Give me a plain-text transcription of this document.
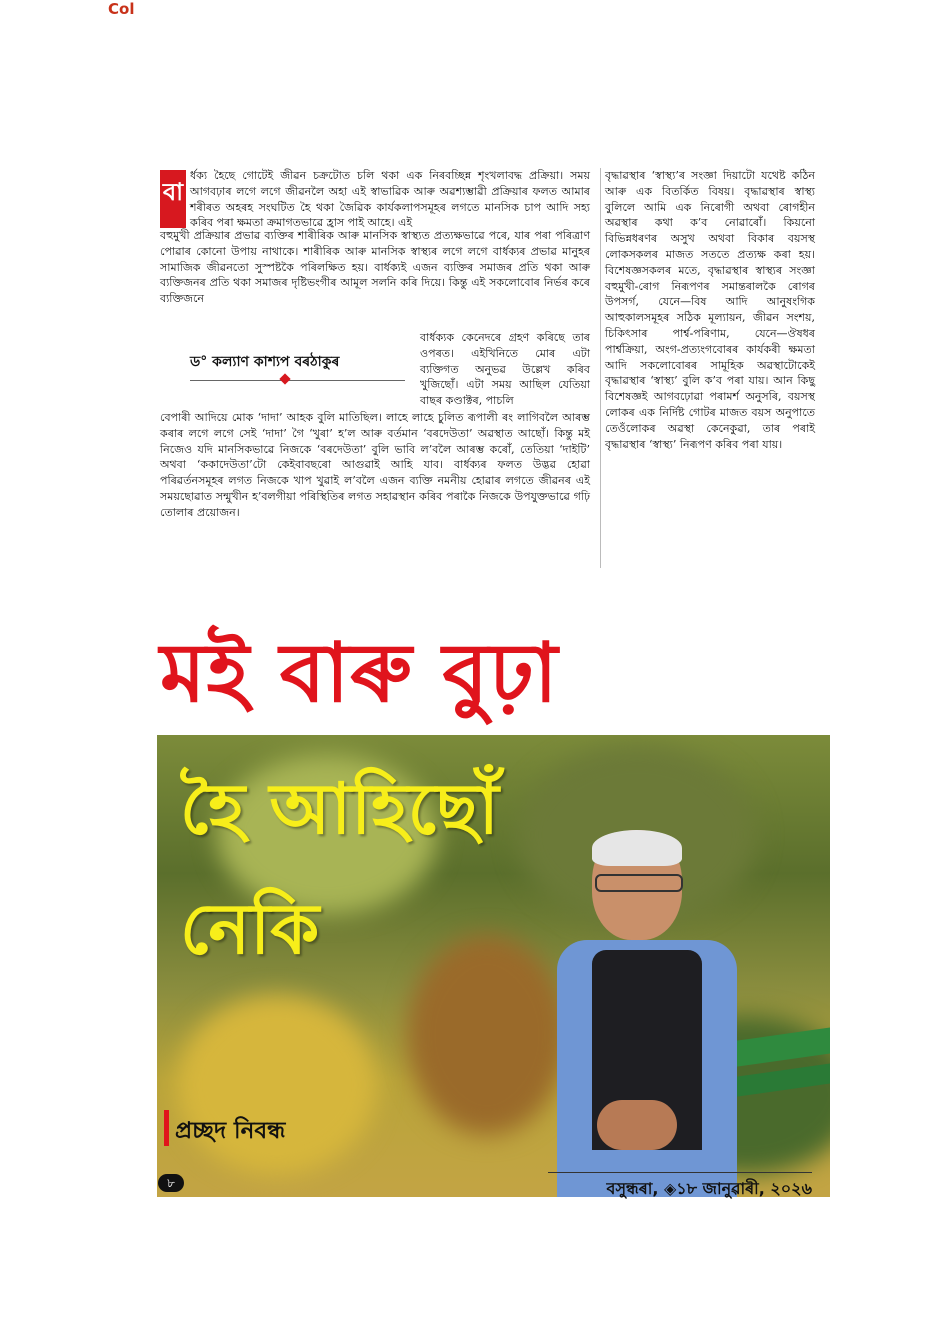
Col
বা

র্ধক্য হৈছে গোটেই জীৱন চক্ৰটোত চলি থকা এক নিৰবচ্ছিন্ন শৃংখলাবদ্ধ প্ৰক্ৰিয়া। সময় আগবঢ়াৰ লগে লগে জীৱনলৈ অহা এই স্বাভাৱিক আৰু অৱশ্যম্ভাৱী প্ৰক্ৰিয়াৰ ফলত আমাৰ শৰীৰত অহৰহ সংঘটিত হৈ থকা জৈৱিক কাৰ্যকলাপসমূহৰ লগতে মানসিক চাপ আদি সহ্য কৰিব পৰা ক্ষমতা ক্ৰমাগতভাৱে হ্ৰাস পাই আহে। এই

বহুমুখী প্ৰক্ৰিয়াৰ প্ৰভাৱ ব্যক্তিৰ শাৰীৰিক আৰু মানসিক স্বাস্থ্যত প্ৰত্যক্ষভাৱে পৰে, যাৰ পৰা পৰিত্ৰাণ পোৱাৰ কোনো উপায় নাথাকে। শাৰীৰিক আৰু মানসিক স্বাস্থ্যৰ লগে লগে বাৰ্ধক্যৰ প্ৰভাৱ মানুহৰ সামাজিক জীৱনতো সুস্পষ্টকৈ পৰিলক্ষিত হয়। বাৰ্ধক্যই এজন ব্যক্তিৰ সমাজৰ প্ৰতি থকা আৰু ব্যক্তিজনৰ প্ৰতি থকা সমাজৰ দৃষ্টিভংগীৰ আমূল সলনি কৰি দিয়ে। কিন্তু এই সকলোবোৰ নিৰ্ভৰ কৰে ব্যক্তিজনে

ড° কল্যাণ কাশ্যপ বৰঠাকুৰ

বাৰ্ধক্যক কেনেদৰে গ্ৰহণ কৰিছে তাৰ ওপৰত। এইখিনিতে মোৰ এটা ব্যক্তিগত অনুভৱ উল্লেখ কৰিব খুজিছোঁ। এটা সময় আছিল যেতিয়া বাছৰ কণ্ডাক্টৰ, পাচলি

বেপাৰী আদিয়ে মোক ‘দাদা’ আহক বুলি মাতিছিল। লাহে লাহে চুলিত ৰূপালী ৰং লাগিবলৈ আৰম্ভ কৰাৰ লগে লগে সেই ‘দাদা’ গৈ ‘খুৰা’ হ’ল আৰু বৰ্তমান ‘বৰদেউতা’ অৱস্থাত আছোঁ। কিন্তু মই নিজেও যদি মানসিকভাৱে নিজকে ‘বৰদেউতা’ বুলি ভাবি ল’বলৈ আৰম্ভ কৰোঁ, তেতিয়া ‘দাইটি’ অথবা ‘ককাদেউতা’টো কেইবাবছৰো আগুৱাই আহি যাব। বাৰ্ধক্যৰ ফলত উদ্ভৱ হোৱা পৰিৱৰ্তনসমূহৰ লগত নিজকে খাপ খুৱাই ল’বলৈ এজন ব্যক্তি নমনীয় হোৱাৰ লগতে জীৱনৰ এই সময়ছোৱাত সন্মুখীন হ’বলগীয়া পৰিস্থিতিৰ লগত সহাৱস্থান কৰিব পৰাকৈ নিজকে উপযুক্তভাৱে গঢ়ি তোলাৰ প্ৰয়োজন।

বৃদ্ধাৱস্থাৰ ‘স্বাস্থ্য’ৰ সংজ্ঞা দিয়াটো যথেষ্ট কঠিন আৰু এক বিতৰ্কিত বিষয়। বৃদ্ধাৱস্থাৰ স্বাস্থ্য বুলিলে আমি এক নিৰোগী অথবা ৰোগহীন অৱস্থাৰ কথা ক’ব নোৱাৰোঁ। কিয়নো বিভিন্নধৰণৰ অসুখ অথবা বিকাৰ বয়সস্থ লোকসকলৰ মাজত সততে প্ৰত্যক্ষ কৰা হয়। বিশেষজ্ঞসকলৰ মতে, বৃদ্ধাৱস্থাৰ স্বাস্থ্যৰ সংজ্ঞা বহুমুখী-ৰোগ নিৰূপণৰ সমান্তৰালকৈ ৰোগৰ উপসৰ্গ, যেনে—বিষ আদি আনুষংগিক আহুকালসমূহৰ সঠিক মূল্যায়ন, জীৱন সংশয়, চিকিৎসাৰ পাৰ্শ্ব-পৰিণাম, যেনে—ঔষধৰ পাৰ্শ্বক্ৰিয়া, অংগ-প্ৰত্যংগবোৰৰ কাৰ্যকৰী ক্ষমতা আদি সকলোবোৰৰ সামূহিক অৱস্থাটোকেই বৃদ্ধাৱস্থাৰ ‘স্বাস্থ্য’ বুলি ক’ব পৰা যায়। আন কিছু বিশেষজ্ঞই আগবঢ়োৱা পৰামৰ্শ অনুসৰি, বয়সস্থ লোকৰ এক নিৰ্দিষ্ট গোটৰ মাজত বয়স অনুপাতে তেওঁলোকৰ অৱস্থা কেনেকুৱা, তাৰ পৰাই বৃদ্ধাৱস্থাৰ ‘স্বাস্থ্য’ নিৰূপণ কৰিব পৰা যায়।

মই বাৰু বুঢ়া
হৈ আহিছোঁ
নেকি
প্ৰচ্ছদ নিবন্ধ
৮	বসুন্ধৰা, ◈১৮ জানুৱাৰী, ২০২৬
